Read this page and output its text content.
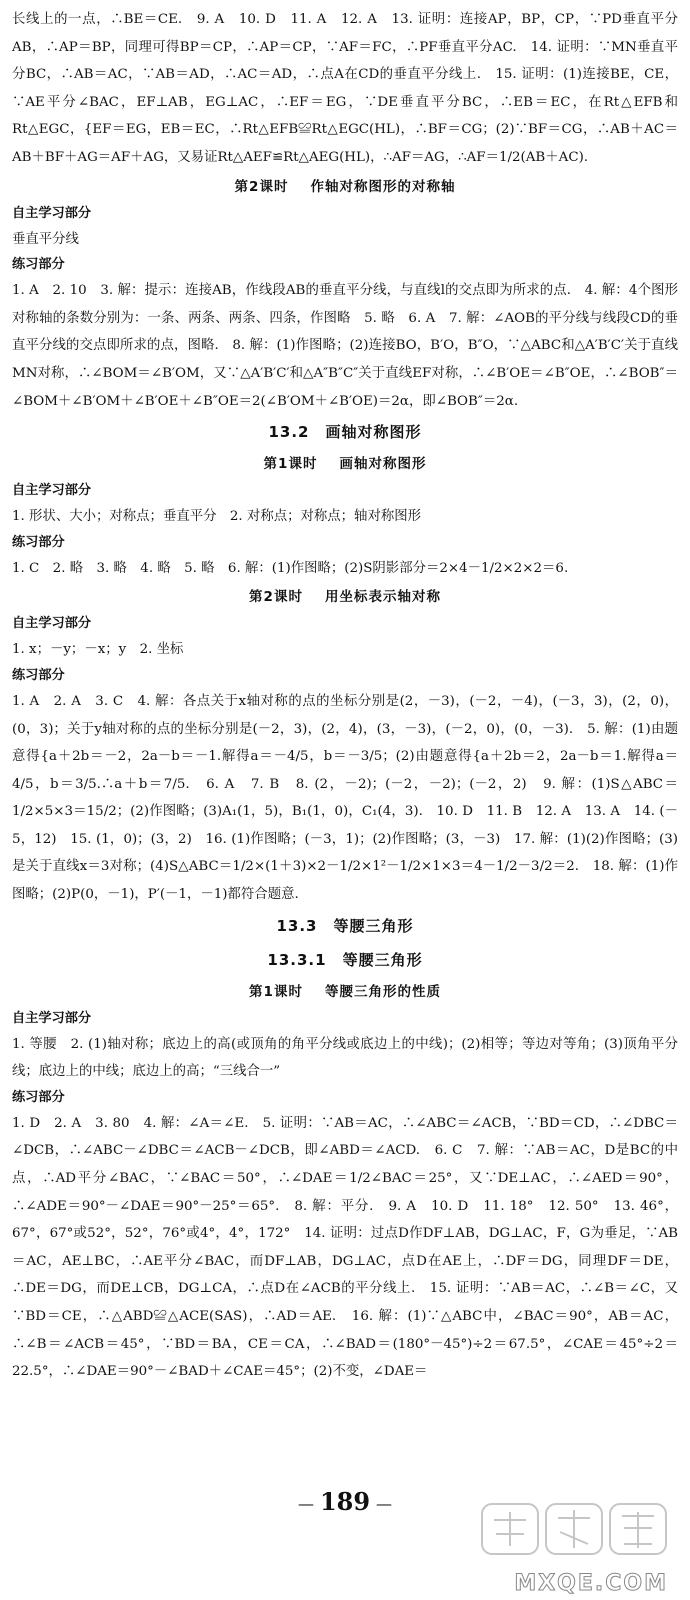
长线上的一点，∴BE＝CE.　9. A　10. D　11. A　12. A　13. 证明：连接AP，BP，CP，∵PD垂直平分AB，∴AP＝BP，同理可得BP＝CP，∴AP＝CP，∵AF＝FC，∴PF垂直平分AC.　14. 证明：∵MN垂直平分BC，∴AB＝AC，∵AB＝AD，∴AC＝AD，∴点A在CD的垂直平分线上.　15. 证明：(1)连接BE，CE，∵AE平分∠BAC，EF⊥AB，EG⊥AC，∴EF＝EG，∵DE垂直平分BC，∴EB＝EC，在Rt△EFB和Rt△EGC，{EF＝EG，EB＝EC，∴Rt△EFB≌Rt△EGC(HL)，∴BF＝CG；(2)∵BF＝CG，∴AB＋AC＝AB＋BF＋AG＝AF＋AG，又易证Rt△AEF≌Rt△AEG(HL)，∴AF＝AG，∴AF＝1/2(AB＋AC).
第2课时 作轴对称图形的对称轴
自主学习部分
垂直平分线
练习部分
1. A　2. 10　3. 解：提示：连接AB，作线段AB的垂直平分线，与直线l的交点即为所求的点.　4. 解：4个图形对称轴的条数分别为：一条、两条、两条、四条，作图略　5. 略　6. A　7. 解：∠AOB的平分线与线段CD的垂直平分线的交点即所求的点，图略.　8. 解：(1)作图略；(2)连接BO，B′O，B″O，∵△ABC和△A′B′C′关于直线MN对称，∴∠BOM＝∠B′OM，又∵△A′B′C′和△A″B″C″关于直线EF对称，∴∠B′OE＝∠B″OE，∴∠BOB″＝∠BOM＋∠B′OM＋∠B′OE＋∠B″OE＝2(∠B′OM＋∠B′OE)＝2α，即∠BOB″＝2α.
13.2　画轴对称图形
第1课时 画轴对称图形
自主学习部分
1. 形状、大小；对称点；垂直平分　2. 对称点；对称点；轴对称图形
练习部分
1. C　2. 略　3. 略　4. 略　5. 略　6. 解：(1)作图略；(2)S阴影部分＝2×4－1/2×2×2＝6.
第2课时 用坐标表示轴对称
自主学习部分
1. x；－y；－x；y　2. 坐标
练习部分
1. A　2. A　3. C　4. 解：各点关于x轴对称的点的坐标分别是(2，－3)，(－2，－4)，(－3，3)，(2，0)，(0，3)；关于y轴对称的点的坐标分别是(－2，3)，(2，4)，(3，－3)，(－2，0)，(0，－3).　5. 解：(1)由题意得{a＋2b＝－2，2a－b＝－1.解得a＝－4/5，b＝－3/5；(2)由题意得{a＋2b＝2，2a－b＝1.解得a＝4/5，b＝3/5.∴a＋b＝7/5.　6. A　7. B　8. (2，－2)；(－2，－2)；(－2，2)　9. 解：(1)S△ABC＝1/2×5×3＝15/2；(2)作图略；(3)A₁(1，5)，B₁(1，0)，C₁(4，3).　10. D　11. B　12. A　13. A　14. (－5，12)　15. (1，0)；(3，2)　16. (1)作图略；(－3，1)；(2)作图略；(3，－3)　17. 解：(1)(2)作图略；(3)是关于直线x＝3对称；(4)S△ABC＝1/2×(1＋3)×2－1/2×1²－1/2×1×3＝4－1/2－3/2＝2.　18. 解：(1)作图略；(2)P(0，－1)，P′(－1，－1)都符合题意.
13.3　等腰三角形
13.3.1　等腰三角形
第1课时 等腰三角形的性质
自主学习部分
1. 等腰　2. (1)轴对称；底边上的高(或顶角的角平分线或底边上的中线)；(2)相等；等边对等角；(3)顶角平分线；底边上的中线；底边上的高；“三线合一”
练习部分
1. D　2. A　3. 80　4. 解：∠A＝∠E.　5. 证明：∵AB＝AC，∴∠ABC＝∠ACB，∵BD＝CD，∴∠DBC＝∠DCB，∴∠ABC－∠DBC＝∠ACB－∠DCB，即∠ABD＝∠ACD.　6. C　7. 解：∵AB＝AC，D是BC的中点，∴AD平分∠BAC，∵∠BAC＝50°，∴∠DAE＝1/2∠BAC＝25°，又∵DE⊥AC，∴∠AED＝90°，∴∠ADE＝90°－∠DAE＝90°－25°＝65°.　8. 解：平分.　9. A　10. D　11. 18°　12. 50°　13. 46°，67°，67°或52°，52°，76°或4°，4°，172°　14. 证明：过点D作DF⊥AB，DG⊥AC，F，G为垂足，∵AB＝AC，AE⊥BC，∴AE平分∠BAC，而DF⊥AB，DG⊥AC，点D在AE上，∴DF＝DG，同理DF＝DE，∴DE＝DG，而DE⊥CB，DG⊥CA，∴点D在∠ACB的平分线上.　15. 证明：∵AB＝AC，∴∠B＝∠C，又∵BD＝CE，∴△ABD≌△ACE(SAS)，∴AD＝AE.　16. 解：(1)∵△ABC中，∠BAC＝90°，AB＝AC，∴∠B＝∠ACB＝45°，∵BD＝BA，CE＝CA，∴∠BAD＝(180°－45°)÷2＝67.5°，∠CAE＝45°÷2＝22.5°，∴∠DAE＝90°－∠BAD＋∠CAE＝45°；(2)不变，∠DAE＝
— 189 —
MXQE.COM
